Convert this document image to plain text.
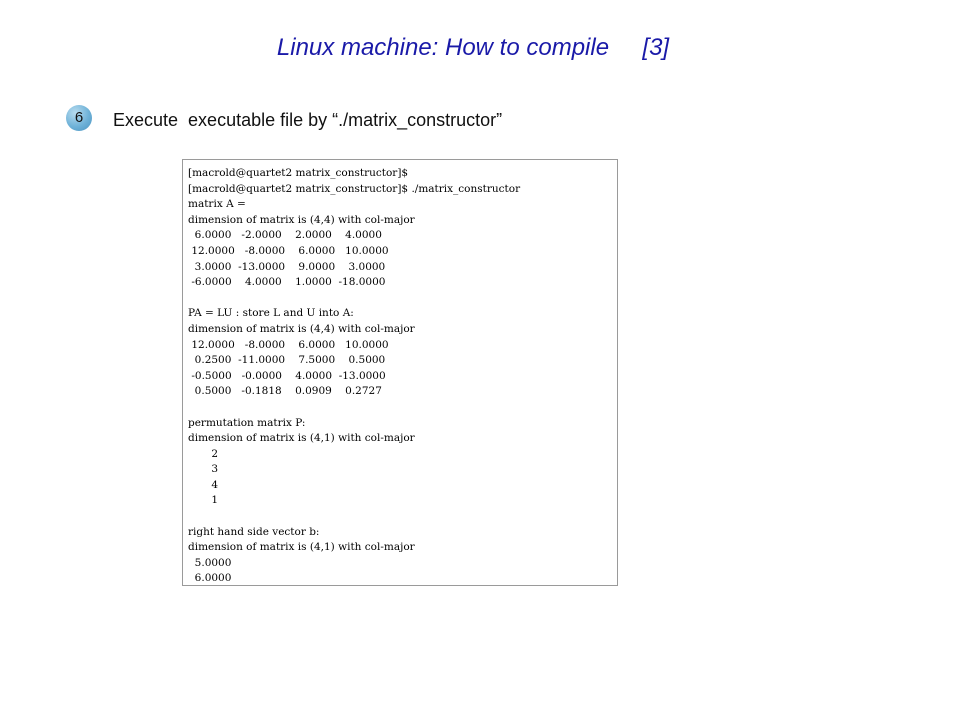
Linux machine: How to compile     [3]
6	Execute  executable file by “./matrix_constructor”
[macrold@quartet2 matrix_constructor]$
[macrold@quartet2 matrix_constructor]$ ./matrix_constructor
matrix A =
dimension of matrix is (4,4) with col-major
6.0000   -2.0000    2.0000    4.0000
12.0000   -8.0000    6.0000   10.0000
3.0000  -13.0000    9.0000    3.0000
-6.0000    4.0000    1.0000  -18.0000
PA = LU : store L and U into A:
dimension of matrix is (4,4) with col-major
12.0000   -8.0000    6.0000   10.0000
0.2500  -11.0000    7.5000    0.5000
-0.5000   -0.0000    4.0000  -13.0000
0.5000   -0.1818    0.0909    0.2727
permutation matrix P:
dimension of matrix is (4,1) with col-major
2
3
4
1
right hand side vector b:
dimension of matrix is (4,1) with col-major
5.0000
6.0000
